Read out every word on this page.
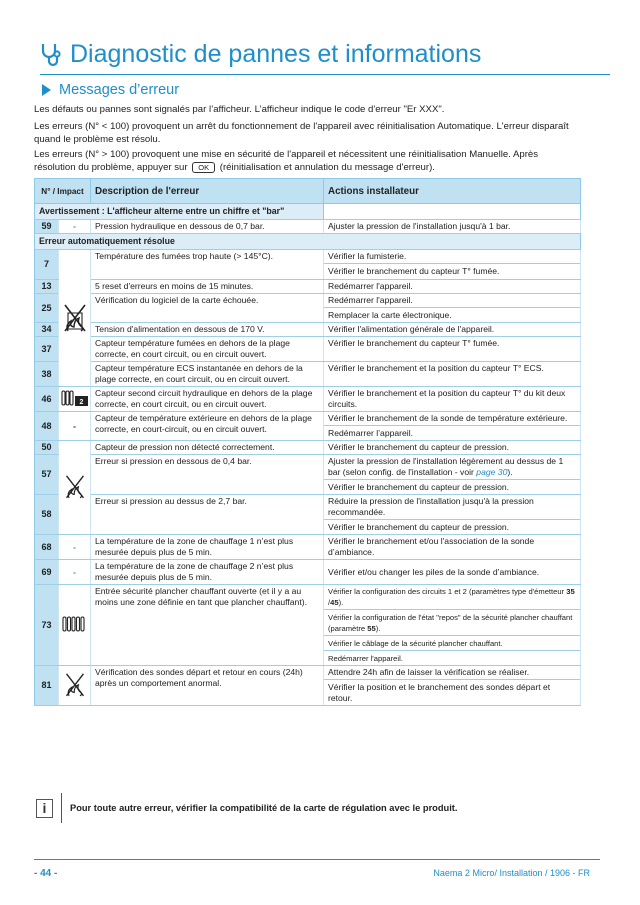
Diagnostic de pannes et informations
Messages d’erreur
Les défauts ou pannes sont signalés par l’afficheur. L’afficheur indique le code d'erreur "Er XXX".
Les erreurs (N° < 100) provoquent un arrêt du fonctionnement de l'appareil avec réinitialisation Automatique. L'erreur disparaît quand le problème est résolu.
Les erreurs (N° > 100) provoquent une mise en sécurité de l'appareil et nécessitent une réinitialisation Manuelle. Après résolution du problème, appuyer sur OK (réinitialisation et annulation du message d'erreur).
N° / Impact		Description de l'erreur	Actions installateur
Avertissement : L'afficheur alterne entre un chiffre et "bar"			
59	-	Pression hydraulique en dessous de 0,7 bar.	Ajuster la pression de l'installation jusqu'à 1 bar.
Erreur automatiquement résolue			
7		Température des fumées trop haute (> 145°C).	Vérifier la fumisterie.
Vérifier le branchement du capteur T° fumée.

13		5 reset d'erreurs en moins de 15 minutes.	Redémarrer l'appareil.
25		Vérification du logiciel de la carte échouée.	Redémarrer l'appareil.
Remplacer la carte électronique.

34		Tension d'alimentation en dessous de 170 V.	Vérifier l'alimentation générale de l'appareil.
37		Capteur température fumées en dehors de la plage correcte, en court circuit, ou en circuit ouvert.	Vérifier le branchement du capteur T° fumée.
38		Capteur température ECS instantanée en dehors de la plage correcte, en court circuit, ou en circuit ouvert.	Vérifier le branchement et la position du capteur T° ECS.
46	2	Capteur second circuit hydraulique en dehors de la plage correcte, en court circuit, ou en circuit ouvert.	Vérifier le branchement et la position du capteur T° du kit deux circuits.
48	-	Capteur de température extérieure en dehors de la plage correcte, en court-circuit, ou en circuit ouvert.	Vérifier le branchement de la sonde de température extérieure.
Redémarrer l’appareil.

50		Capteur de pression non détecté correctement.	Vérifier le branchement du capteur de pression.
57		Erreur si pression en dessous de 0,4 bar.	Ajuster la pression de l'installation légèrement au dessus de 1 bar (selon config. de l'installation - voir page 30).
Vérifier le branchement du capteur de pression.

58		Erreur si pression au dessus de 2,7 bar.	Réduire la pression de l'installation jusqu'à la pression recommandée.
Vérifier le branchement du capteur de pression.

68	-	La température de la zone de chauffage 1 n’est plus mesurée depuis plus de 5 min.	Vérifier le branchement et/ou l'association de la sonde d’ambiance.
69	-	La température de la zone de chauffage 2 n’est plus mesurée depuis plus de 5 min.	Vérifier et/ou changer les piles de la sonde d’ambiance.
73		Entrée sécurité plancher chauffant ouverte (et il y a au moins une zone définie en tant que plancher chauffant).	Vérifier la configuration des circuits 1 et 2 (paramètres type d'émetteur 35 /45).
Vérifier la configuration de l'état "repos" de la sécurité plancher chauffant (paramètre 55).
Vérifier le câblage de la sécurité plancher chauffant.
Redémarrer l'appareil.

81		Vérification des sondes départ et retour en cours (24h) après un comportement anormal.	Attendre 24h afin de laisser la vérification se réaliser.
Vérifier la position et le branchement des sondes départ et retour.
i	Pour toute autre erreur, vérifier la compatibilité de la carte de régulation avec le produit.
- 44 -	Naema 2 Micro/ Installation / 1906 - FR
